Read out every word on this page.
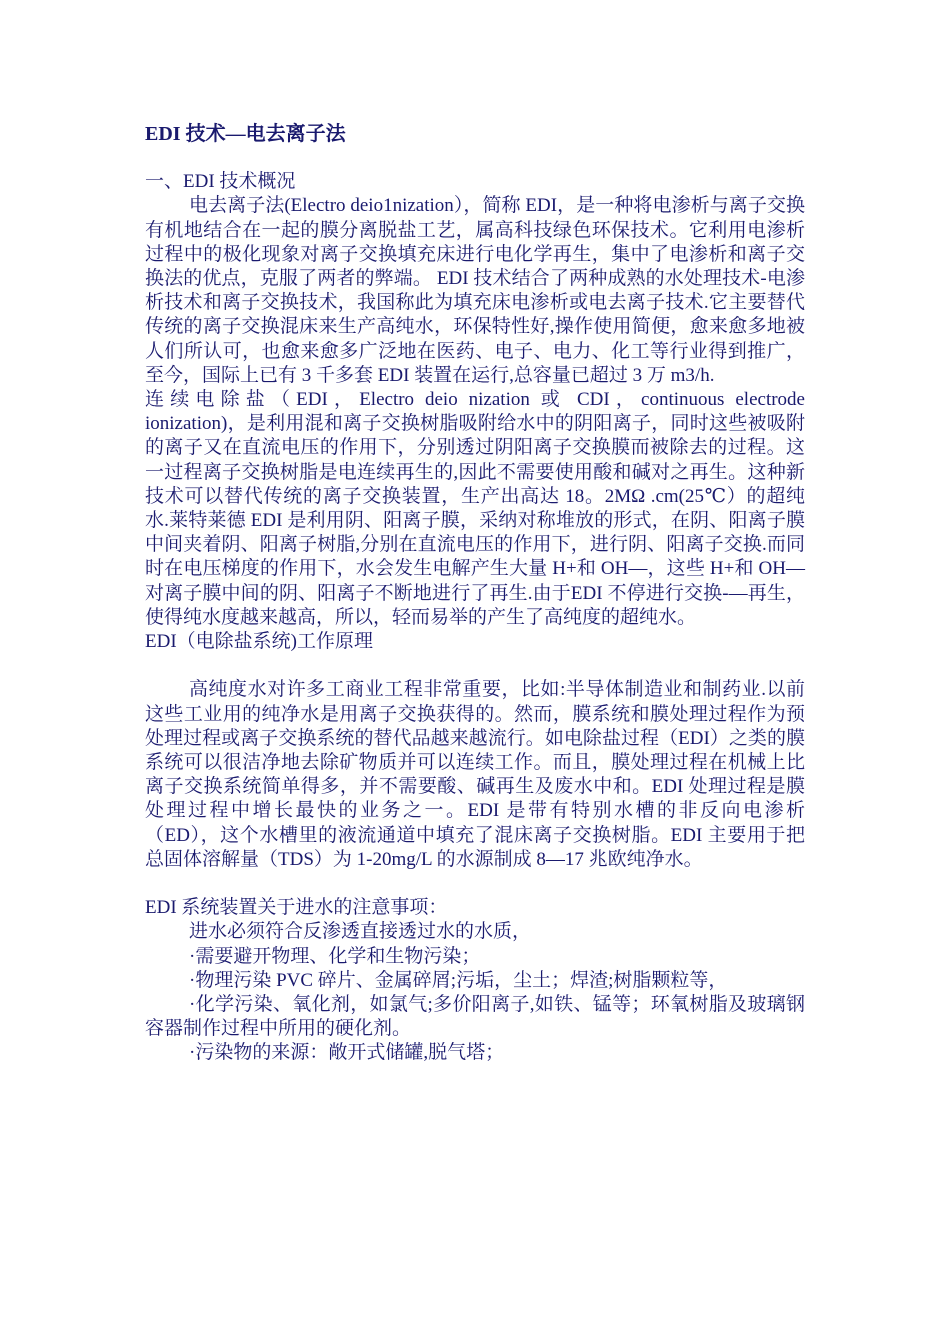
EDI 技术—电去离子法

一、EDI 技术概况

电去离子法(Electro deio1nization），简称 EDI，是一种将电渗析与离子交换有机地结合在一起的膜分离脱盐工艺，属高科技绿色环保技术。它利用电渗析过程中的极化现象对离子交换填充床进行电化学再生，集中了电渗析和离子交换法的优点，克服了两者的弊端。 EDI 技术结合了两种成熟的水处理技术-电渗析技术和离子交换技术，我国称此为填充床电渗析或电去离子技术.它主要替代传统的离子交换混床来生产高纯水，环保特性好,操作使用简便，愈来愈多地被人们所认可，也愈来愈多广泛地在医药、电子、电力、化工等行业得到推广，至今，国际上已有 3 千多套 EDI 装置在运行,总容量已超过 3 万 m3/h.

连续电除盐（EDI，Electro deio nization 或 CDI，continuous electrode ionization)，是利用混和离子交换树脂吸附给水中的阴阳离子，同时这些被吸附的离子又在直流电压的作用下，分别透过阴阳离子交换膜而被除去的过程。这一过程离子交换树脂是电连续再生的,因此不需要使用酸和碱对之再生。这种新技术可以替代传统的离子交换装置，生产出高达 18。2MΩ .cm(25℃）的超纯水.莱特莱德 EDI 是利用阴、阳离子膜，采纳对称堆放的形式，在阴、阳离子膜中间夹着阴、阳离子树脂,分别在直流电压的作用下，进行阴、阳离子交换.而同时在电压梯度的作用下，水会发生电解产生大量 H+和 OH—，这些 H+和 OH—对离子膜中间的阴、阳离子不断地进行了再生.由于EDI 不停进行交换-—再生，使得纯水度越来越高，所以，轻而易举的产生了高纯度的超纯水。

EDI（电除盐系统)工作原理

高纯度水对许多工商业工程非常重要，比如:半导体制造业和制药业.以前这些工业用的纯净水是用离子交换获得的。然而，膜系统和膜处理过程作为预处理过程或离子交换系统的替代品越来越流行。如电除盐过程（EDI）之类的膜系统可以很洁净地去除矿物质并可以连续工作。而且，膜处理过程在机械上比离子交换系统简单得多，并不需要酸、碱再生及废水中和。EDI 处理过程是膜处理过程中增长最快的业务之一。EDI 是带有特别水槽的非反向电渗析（ED），这个水槽里的液流通道中填充了混床离子交换树脂。EDI 主要用于把总固体溶解量（TDS）为 1-20mg/L 的水源制成 8—17 兆欧纯净水。

EDI 系统装置关于进水的注意事项：

进水必须符合反渗透直接透过水的水质，

·需要避开物理、化学和生物污染；

·物理污染 PVC 碎片、金属碎屑;污垢，尘土；焊渣;树脂颗粒等，

·化学污染、氧化剂，如氯气;多价阳离子,如铁、锰等；环氧树脂及玻璃钢容器制作过程中所用的硬化剂。

·污染物的来源：敞开式储罐,脱气塔；
